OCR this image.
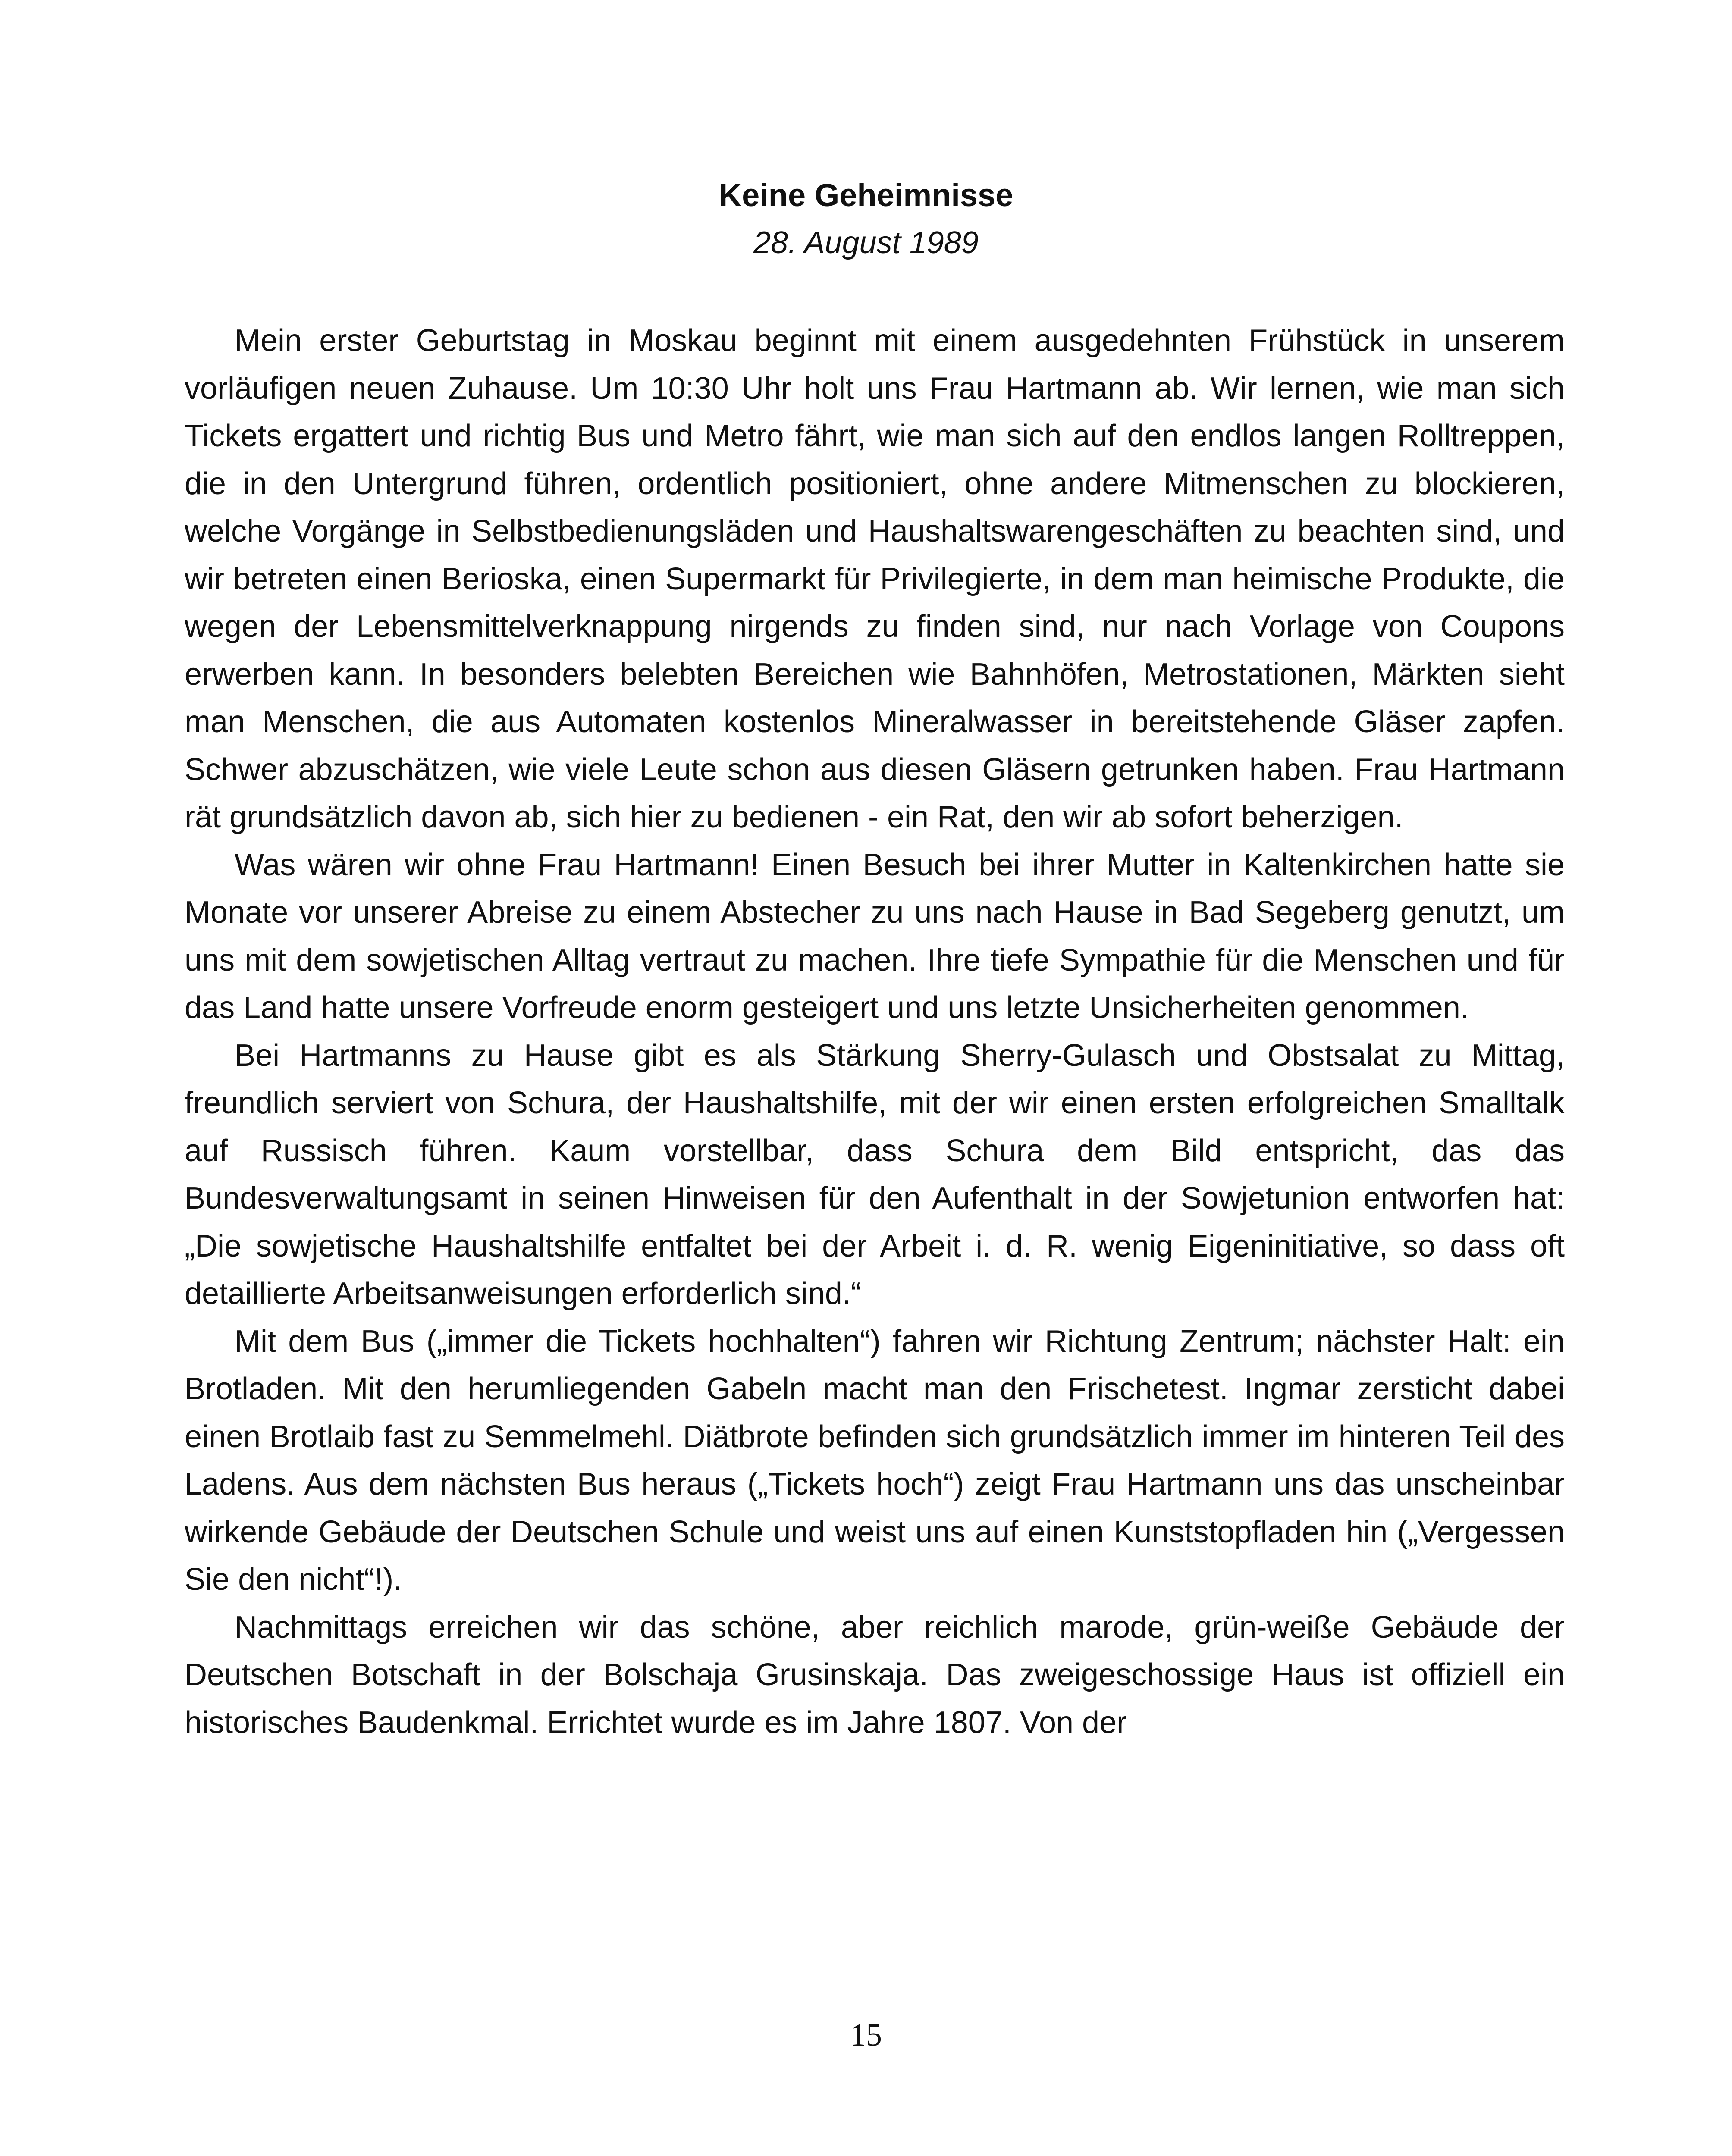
Keine Geheimnisse
28. August 1989

Mein erster Geburtstag in Moskau beginnt mit einem ausgedehnten Frühstück in unserem vorläufigen neuen Zuhause. Um 10:30 Uhr holt uns Frau Hartmann ab. Wir lernen, wie man sich Tickets ergattert und richtig Bus und Metro fährt, wie man sich auf den endlos langen Rolltreppen, die in den Untergrund führen, ordentlich positioniert, ohne andere Mitmenschen zu blockieren, welche Vorgänge in Selbstbedienungsläden und Haushaltswarengeschäften zu beachten sind, und wir betreten einen Berioska, einen Supermarkt für Privilegierte, in dem man heimische Produkte, die wegen der Lebensmittelverknappung nirgends zu finden sind, nur nach Vorlage von Coupons erwerben kann. In besonders belebten Bereichen wie Bahnhöfen, Metrostationen, Märkten sieht man Menschen, die aus Automaten kostenlos Mineralwasser in bereitstehende Gläser zapfen. Schwer abzuschätzen, wie viele Leute schon aus diesen Gläsern getrunken haben. Frau Hartmann rät grundsätzlich davon ab, sich hier zu bedienen - ein Rat, den wir ab sofort beherzigen.

Was wären wir ohne Frau Hartmann! Einen Besuch bei ihrer Mutter in Kaltenkirchen hatte sie Monate vor unserer Abreise zu einem Abstecher zu uns nach Hause in Bad Segeberg genutzt, um uns mit dem sowjetischen Alltag vertraut zu machen. Ihre tiefe Sympathie für die Menschen und für das Land hatte unsere Vorfreude enorm gesteigert und uns letzte Unsicherheiten genommen.

Bei Hartmanns zu Hause gibt es als Stärkung Sherry-Gulasch und Obstsalat zu Mittag, freundlich serviert von Schura, der Haushaltshilfe, mit der wir einen ersten erfolgreichen Smalltalk auf Russisch führen. Kaum vorstellbar, dass Schura dem Bild entspricht, das das Bundesverwaltungsamt in seinen Hinweisen für den Aufenthalt in der Sowjetunion entworfen hat: „Die sowjetische Haushaltshilfe entfaltet bei der Arbeit i. d. R. wenig Eigeninitiative, so dass oft detaillierte Arbeitsanweisungen erforderlich sind.“

Mit dem Bus („immer die Tickets hochhalten“) fahren wir Richtung Zentrum; nächster Halt: ein Brotladen. Mit den herumliegenden Gabeln macht man den Frischetest. Ingmar zersticht dabei einen Brotlaib fast zu Semmelmehl. Diätbrote befinden sich grundsätzlich immer im hinteren Teil des Ladens. Aus dem nächsten Bus heraus („Tickets hoch“) zeigt Frau Hartmann uns das unscheinbar wirkende Gebäude der Deutschen Schule und weist uns auf einen Kunststopfladen hin („Vergessen Sie den nicht“!).

Nachmittags erreichen wir das schöne, aber reichlich marode, grün-weiße Gebäude der Deutschen Botschaft in der Bolschaja Grusinskaja. Das zweigeschossige Haus ist offiziell ein historisches Baudenkmal. Errichtet wurde es im Jahre 1807. Von der

15
